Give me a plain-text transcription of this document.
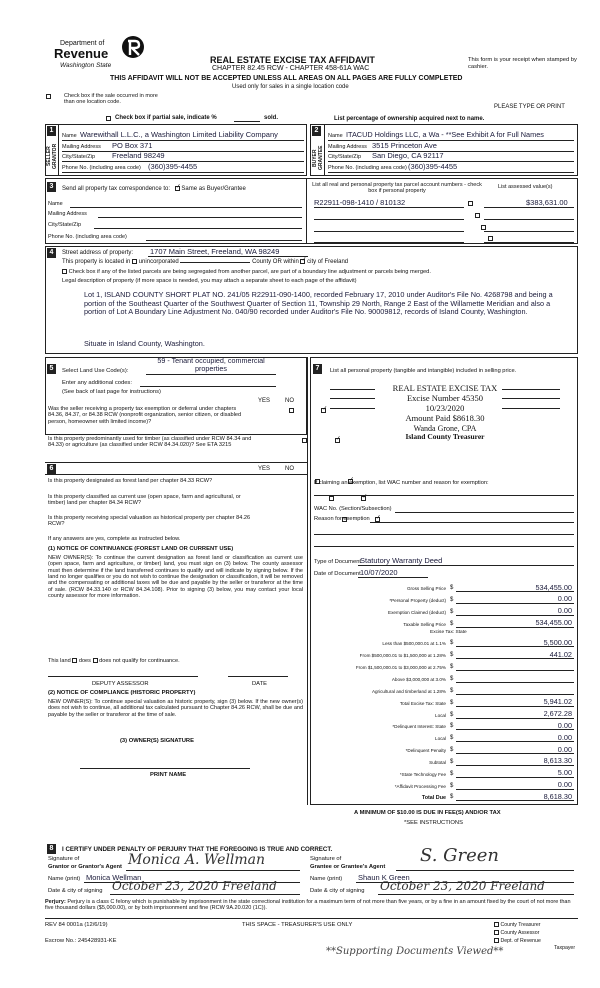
Department of
Revenue
Washington State
REAL ESTATE EXCISE TAX AFFIDAVIT
CHAPTER 82.45 RCW - CHAPTER 458-61A WAC
THIS AFFIDAVIT WILL NOT BE ACCEPTED UNLESS ALL AREAS ON ALL PAGES ARE FULLY COMPLETED
Used only for sales in a single location code
This form is your receipt when stamped by cashier.
Check box if the sale occurred in more than one location code.
PLEASE TYPE OR PRINT
Check box if partial sale, indicate %	sold.	List percentage of ownership acquired next to name.
1
SELLER GRANTOR
Name Warewithall L.L.C., a Washington Limited Liability Company
Mailing Address PO Box 371
City/State/Zip Freeland 98249
Phone No. (including area code) (360)395-4455
2
BUYER GRANTEE
Name ITACUD Holdings LLC, a Wa - **See Exhibit A for Full Names
Mailing Address 3515 Princeton Ave
City/State/Zip San Diego, CA 92117
Phone No. (including area code) (360)395-4455
3	Send all property tax correspondence to: ✓ Same as Buyer/Grantee
Name
Mailing Address
City/State/Zip
Phone No. (including area code)
List all real and personal property tax parcel account numbers - check box if personal property
List assessed value(s)
R22911-098-1410 / 810132
	$383,631.00

4	Street address of property: 1707 Main Street, Freeland, WA 98249
This property is located in unincorporated	County OR within ✓ city of Freeland
Check box if any of the listed parcels are being segregated from another parcel, are part of a boundary line adjustment or parcels being merged.
Legal description of property (if more space is needed, you may attach a separate sheet to each page of the affidavit)
Lot 1, ISLAND COUNTY SHORT PLAT NO. 241/05 R22911-090-1400, recorded February 17, 2010 under Auditor's File No. 4268798 and being a portion of the Southeast Quarter of the Southwest Quarter of Section 11, Township 29 North, Range 2 East of the Willamette Meridian and also a portion of Lot A Boundary Line Adjustment No. 040/90 recorded under Auditor's File No. 90009812, records of Island County, Washington.
Situate in Island County, Washington.
5	Select Land Use Code(s):
59 - Tenant occupied, commercial properties
Enter any additional codes:
(See back of last page for instructions)
YES NO
Was the seller receiving a property tax exemption or deferral under chapters 84.36, 84.37, or 84.38 RCW (nonprofit organization, senior citizen, or disabled person, homeowner with limited income)?
✓
Is this property predominantly used for timber (as classified under RCW 84.34 and 84.33) or agriculture (as classified under RCW 84.34.020)? See ETA 3215
✓
6	YES NO
Is this property designated as forest land per chapter 84.33 RCW?
✓
Is this property classified as current use (open space, farm and agricultural, or timber) land per chapter 84.34 RCW?
✓
Is this property receiving special valuation as historical property per chapter 84.26 RCW?
✓
If any answers are yes, complete as instructed below.
(1) NOTICE OF CONTINUANCE (FOREST LAND OR CURRENT USE)
NEW OWNER(S): To continue the current designation as forest land or classification as current use (open space, farm and agriculture, or timber) land, you must sign on (3) below. The county assessor must then determine if the land transferred continues to qualify and will indicate by signing below. If the land no longer qualifies or you do not wish to continue the designation or classification, it will be removed and the compensating or additional taxes will be due and payable by the seller or transferor at the time of sale. (RCW 84.33.140 or RCW 84.34.108). Prior to signing (3) below, you may contact your local county assessor for more information.
This land does does not qualify for continuance.
DEPUTY ASSESSOR	DATE
(2) NOTICE OF COMPLIANCE (HISTORIC PROPERTY)
NEW OWNER(S): To continue special valuation as historic property, sign (3) below. If the new owner(s) does not wish to continue, all additional tax calculated pursuant to Chapter 84.26 RCW, shall be due and payable by the seller or transferor at the time of sale.
(3) OWNER(S) SIGNATURE
PRINT NAME
7	List all personal property (tangible and intangible) included in selling price.
REAL ESTATE EXCISE TAX
Excise Number 45350
10/23/2020
Amount Paid $8618.30
Wanda Grone, CPA
Island County Treasurer
If claiming an exemption, list WAC number and reason for exemption:
WAC No. (Section/Subsection)
Reason for exemption
Type of Document
Statutory Warranty Deed
Date of Document 10/07/2020
Gross Selling Price $	534,455.00
*Personal Property (deduct) $	0.00
Exemption Claimed (deduct) $	0.00
Taxable Selling Price $	534,455.00
Less than $500,000.01 at 1.1% $	5,500.00
From $500,000.01 to $1,500,000 at 1.28% $	441.02
From $1,500,000.01 to $3,000,000 at 2.75% $
Above $3,000,000 at 3.0% $
Agricultural and timberland at 1.28% $
Total Excise Tax: State $	5,941.02
Local $	2,672.28
*Delinquent Interest: State $	0.00
Local $	0.00
*Delinquent Penalty $	0.00
Subtotal $	8,613.30
*State Technology Fee $	5.00
*Affidavit Processing Fee $	0.00
Total Due $	8,618.30
Excise Tax: State
A MINIMUM OF $10.00 IS DUE IN FEE(S) AND/OR TAX
*SEE INSTRUCTIONS
8	I CERTIFY UNDER PENALTY OF PERJURY THAT THE FOREGOING IS TRUE AND CORRECT.
Signature of
Grantor or Grantor's Agent Monica A. Wellman
Name (print) Monica Wellman
Date & city of signing October 23, 2020 Freeland
Signature of
Grantee or Grantee's Agent
S. Green
Name (print) Shaun K Green
Date & city of signing October 23, 2020 Freeland
Perjury: Perjury is a class C felony which is punishable by imprisonment in the state correctional institution for a maximum term of not more than five years, or by a fine in an amount fixed by the court of not more than five thousand dollars ($5,000.00), or by both imprisonment and fine (RCW 9A.20.020 (1C)).
REV 84 0001a (12/6/19)	THIS SPACE - TREASURER'S USE ONLY
Escrow No.: 245428931-KE
County Treasurer
County Assessor
Dept. of Revenue
Taxpayer
**Supporting Documents Viewed**
